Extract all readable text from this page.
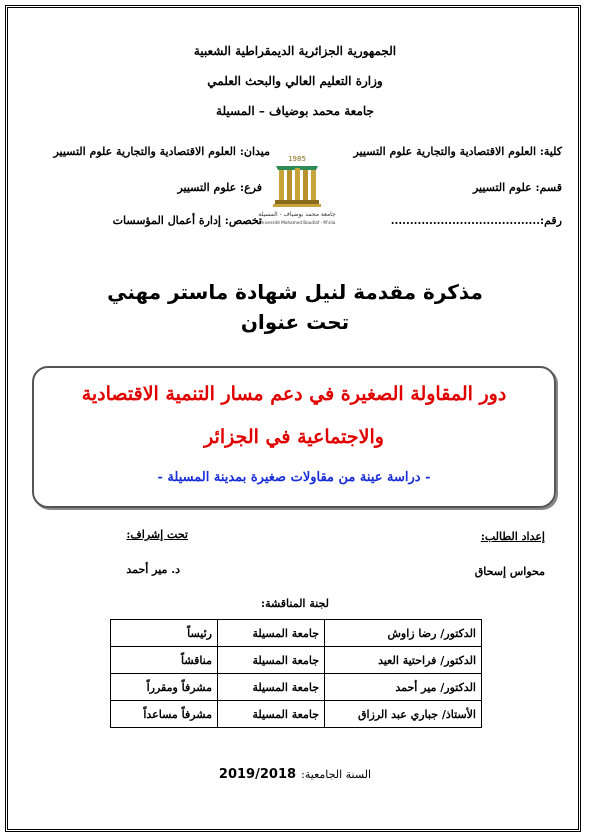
الجمهورية الجزائرية الديمقراطية الشعبية
وزارة التعليم العالي والبحث العلمي
جامعة محمد بوضياف – المسيلة
كلية: العلوم الاقتصادية والتجارية علوم التسيير
ميدان: العلوم الاقتصادية والتجارية علوم التسيير
قسم: علوم التسيير
فرع: علوم التسيير
رقم:.......................................
تخصص: إدارة أعمال المؤسسات
1985
جامعة محمد بوضياف - المسيلة
Université Mohamed Boudiaf - M'sila
مذكرة مقدمة لنيل شهادة ماستر مهني
تحت عنوان
دور المقاولة الصغيرة في دعم مسار التنمية الاقتصادية
والاجتماعية في الجزائر
- دراسة عينة من مقاولات صغيرة بمدينة المسيلة -
إعداد الطالب:
محواس إسحاق
تحت إشراف:
د. مير أحمد
لجنة المناقشة:
الدكتور/ رضا زاوش	جامعة المسيلة	رئيساً
الدكتور/ فراحتية العيد	جامعة المسيلة	مناقشاً
الدكتور/ مير أحمد	جامعة المسيلة	مشرفاً ومقرراً
الأستاذ/ جباري عبد الرزاق	جامعة المسيلة	مشرفاً مساعداً
السنة الجامعية: 2019/2018
